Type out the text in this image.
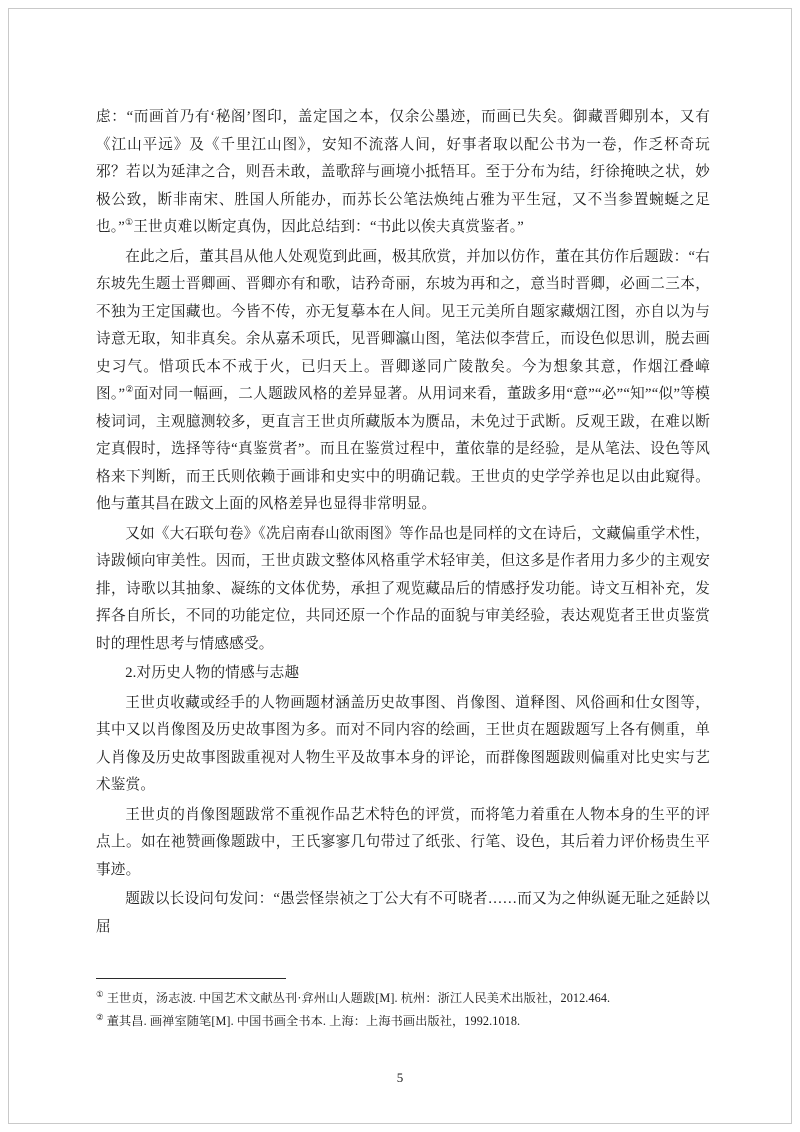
虑：“而画首乃有‘秘阁’图印，盖定国之本，仅余公墨迹，而画已失矣。御藏晋卿别本，又有《江山平远》及《千里江山图》，安知不流落人间，好事者取以配公书为一卷，作乏杯奇玩邪？若以为延津之合，则吾未敢，盖歌辞与画境小抵牾耳。至于分布为结，纡徐掩映之状，妙极公致，断非南宋、胜国人所能办，而苏长公笔法焕纯占雅为平生冠，又不当参置蜿蜒之足也。”①王世贞难以断定真伪，因此总结到：“书此以俟夫真赏鉴者。”

在此之后，董其昌从他人处观览到此画，极其欣赏，并加以仿作，董在其仿作后题跋：“右东坡先生题士晋卿画、晋卿亦有和歌，诘矜奇丽，东坡为再和之，意当时晋卿，必画二三本，不独为王定国藏也。今皆不传，亦无复摹本在人间。见王元美所自题家藏烟江图，亦自以为与诗意无取，知非真矣。余从嘉禾项氏，见晋卿瀛山图，笔法似李营丘，而设色似思训，脱去画史习气。惜项氏本不戒于火，已归天上。晋卿遂同广陵散矣。今为想象其意，作烟江叠嶂图。”②面对同一幅画，二人题跋风格的差异显著。从用词来看，董跋多用“意”“必”“知”“似”等模棱词词，主观臆测较多，更直言王世贞所藏版本为赝品，未免过于武断。反观王跋，在难以断定真假时，选择等待“真鉴赏者”。而且在鉴赏过程中，董依靠的是经验，是从笔法、设色等风格来下判断，而王氏则依赖于画诽和史实中的明确记载。王世贞的史学学养也足以由此窥得。他与董其昌在跋文上面的风格差异也显得非常明显。

又如《大石联句卷》《冼启南春山欲雨图》等作品也是同样的文在诗后，文藏偏重学术性，诗跋倾向审美性。因而，王世贞跋文整体风格重学术轻审美，但这多是作者用力多少的主观安排，诗歌以其抽象、凝练的文体优势，承担了观览藏品后的情感抒发功能。诗文互相补充，发挥各自所长，不同的功能定位，共同还原一个作品的面貌与审美经验，表达观览者王世贞鉴赏时的理性思考与情感感受。

2.对历史人物的情感与志趣

王世贞收藏或经手的人物画题材涵盖历史故事图、肖像图、道释图、风俗画和仕女图等，其中又以肖像图及历史故事图为多。而对不同内容的绘画，王世贞在题跋题写上各有侧重，单人肖像及历史故事图跋重视对人物生平及故事本身的评论，而群像图题跋则偏重对比史实与艺术鉴赏。

王世贞的肖像图题跋常不重视作品艺术特色的评赏，而将笔力着重在人物本身的生平的评点上。如在祂赞画像题跋中，王氏寥寥几句带过了纸张、行笔、设色，其后着力评价杨贵生平事迹。

题跋以长设问句发问：“愚尝怪崇祯之丁公大有不可晓者……而又为之伸纵诞无耻之延龄以屈

① 王世贞，汤志波. 中国艺术文献丛刊·弇州山人题跋[M]. 杭州：浙江人民美术出版社，2012.464.

② 董其昌. 画禅室随笔[M]. 中国书画全书本. 上海：上海书画出版社，1992.1018.

5
